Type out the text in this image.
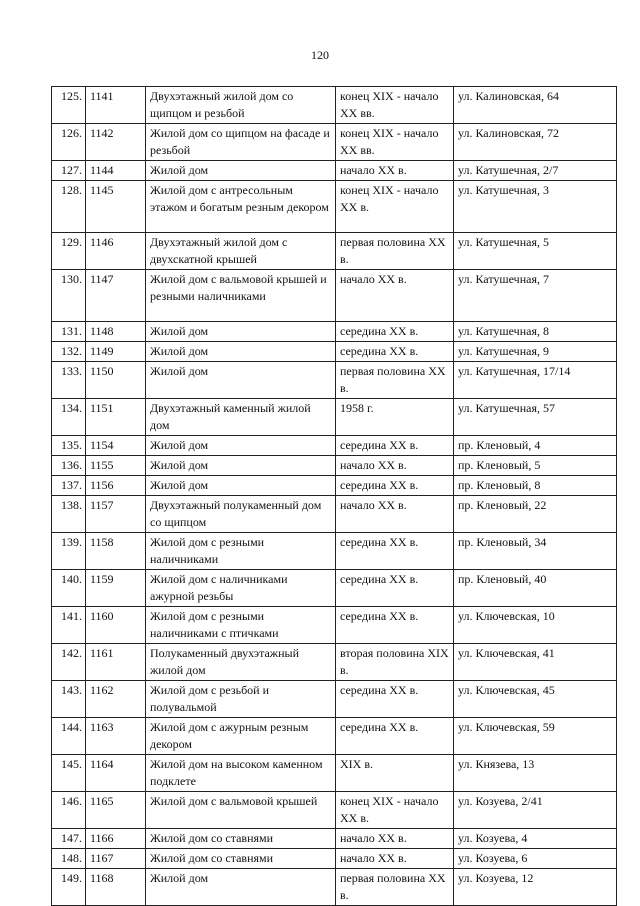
120
125.	1141	Двухэтажный жилой дом со щипцом и резьбой	конец XIX - начало XX вв.	ул. Калиновская, 64
126.	1142	Жилой дом со щипцом на фасаде и резьбой	конец XIX - начало XX вв.	ул. Калиновская, 72
127.	1144	Жилой дом	начало XX в.	ул. Катушечная, 2/7
128.	1145	Жилой дом с антресольным этажом и богатым резным декором	конец XIX - начало XX в.	ул. Катушечная, 3
129.	1146	Двухэтажный жилой дом с двухскатной крышей	первая половина XX в.	ул. Катушечная, 5
130.	1147	Жилой дом с вальмовой крышей и резными наличниками	начало XX в.	ул. Катушечная, 7
131.	1148	Жилой дом	середина XX в.	ул. Катушечная, 8
132.	1149	Жилой дом	середина XX в.	ул. Катушечная, 9
133.	1150	Жилой дом	первая половина XX в.	ул. Катушечная, 17/14
134.	1151	Двухэтажный каменный жилой дом	1958 г.	ул. Катушечная, 57
135.	1154	Жилой дом	середина XX в.	пр. Кленовый, 4
136.	1155	Жилой дом	начало XX в.	пр. Кленовый, 5
137.	1156	Жилой дом	середина XX в.	пр. Кленовый, 8
138.	1157	Двухэтажный полукаменный дом со щипцом	начало XX в.	пр. Кленовый, 22
139.	1158	Жилой дом с резными наличниками	середина XX в.	пр. Кленовый, 34
140.	1159	Жилой дом с наличниками ажурной резьбы	середина XX в.	пр. Кленовый, 40
141.	1160	Жилой дом с резными наличниками с птичками	середина XX в.	ул. Ключевская, 10
142.	1161	Полукаменный двухэтажный жилой дом	вторая половина XIX в.	ул. Ключевская, 41
143.	1162	Жилой дом с резьбой и полувальмой	середина XX в.	ул. Ключевская, 45
144.	1163	Жилой дом с ажурным резным декором	середина XX в.	ул. Ключевская, 59
145.	1164	Жилой дом на высоком каменном подклете	XIX в.	ул. Князева, 13
146.	1165	Жилой дом с вальмовой крышей	конец XIX - начало XX в.	ул. Козуева, 2/41
147.	1166	Жилой дом со ставнями	начало XX в.	ул. Козуева, 4
148.	1167	Жилой дом со ставнями	начало XX в.	ул. Козуева, 6
149.	1168	Жилой дом	первая половина XX в.	ул. Козуева, 12
